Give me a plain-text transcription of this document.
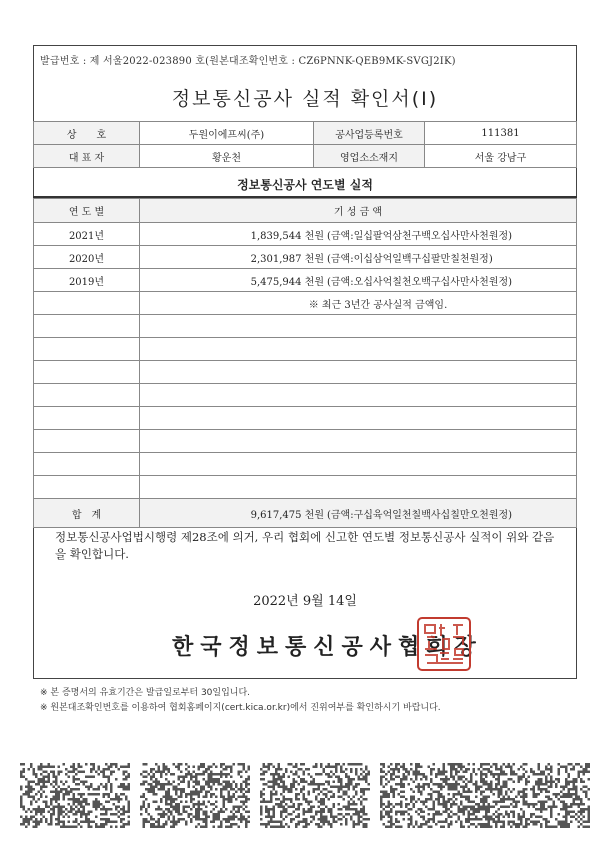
발급번호 : 제 서울2022-023890 호(원본대조확인번호 : CZ6PNNK-QEB9MK-SVGJ2IK)
정보통신공사 실적 확인서(Ⅰ)
상　　호	두원이에프씨(주)	공사업등록번호	111381
대 표 자	황운천	영업소소재지	서울 강남구
정보통신공사 연도별 실적
연 도 별	기 성 금 액
2021년	1,839,544 천원 (금액:일십팔억삼천구백오십사만사천원정)
2020년	2,301,987 천원 (금액:이십삼억일백구십팔만칠천원정)
2019년	5,475,944 천원 (금액:오십사억칠천오백구십사만사천원정)
	※ 최근 3년간 공사실적 금액임.

합　계	9,617,475 천원 (금액:구십육억일천칠백사십칠만오천원정)
정보통신공사업법시행령 제28조에 의거, 우리 협회에 신고한 연도별 정보통신공사 실적이 위와 같음을 확인합니다.
2022년 9월 14일
한국정보통신공사협회장
※ 본 증명서의 유효기간은 발급일로부터 30일입니다.
※ 원본대조확인번호를 이용하여 협회홈페이지(cert.kica.or.kr)에서 진위여부를 확인하시기 바랍니다.
